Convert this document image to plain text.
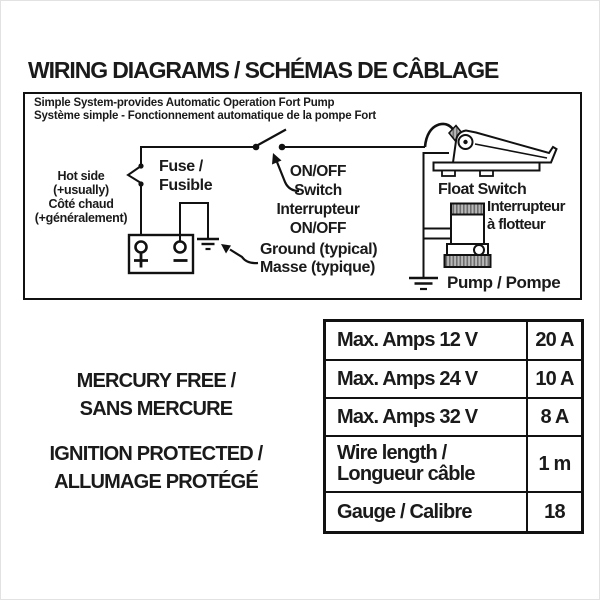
WIRING DIAGRAMS / SCHÉMAS DE CÂBLAGE
Simple System-provides Automatic Operation Fort Pump
Système simple - Fonctionnement automatique de la pompe Fort
Hot side
(+usually)
Côté chaud
(+généralement)
Fuse /
Fusible
ON/OFF
Switch
Interrupteur
ON/OFF
Float Switch
Interrupteur
à flotteur
Ground (typical)
Masse (typique)
Pump / Pompe
MERCURY FREE /
SANS MERCURE
IGNITION PROTECTED /
ALLUMAGE PROTÉGÉ
Max. Amps 12 V	20 A
Max. Amps 24 V	10 A
Max. Amps 32 V	8 A
Wire length /
Longueur câble	1 m
Gauge / Calibre	18
